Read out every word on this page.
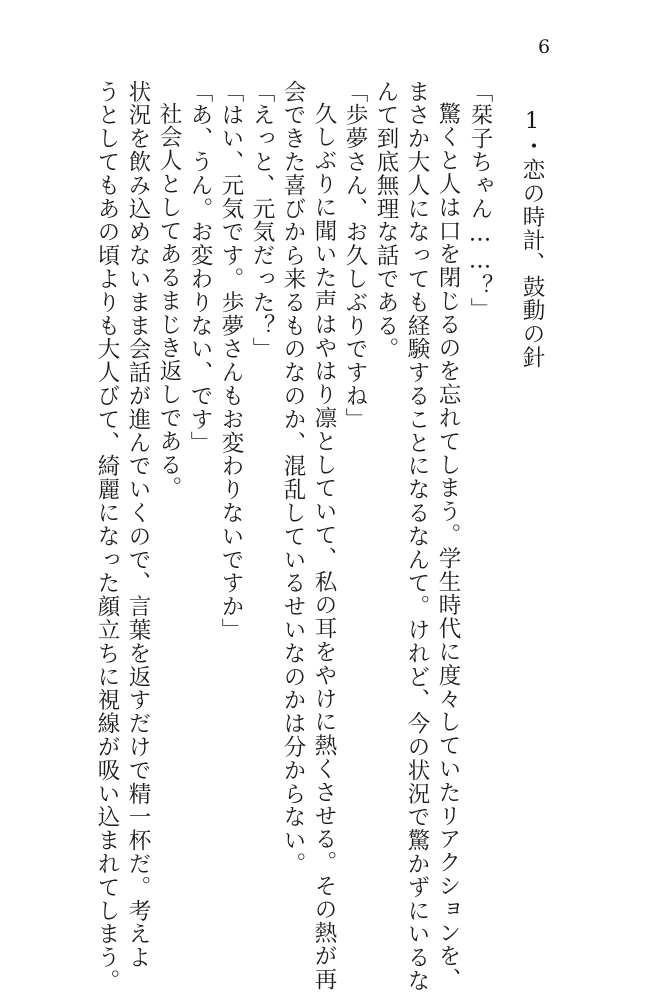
6
1・恋の時計、鼓動の針
「栞子ちゃん……？」
驚くと人は口を閉じるのを忘れてしまう。学生時代に度々していたリアクションを、
まさか大人になっても経験することになるなんて。けれど、今の状況で驚かずにいるな
んて到底無理な話である。
「歩夢さん、お久しぶりですね」
久しぶりに聞いた声はやはり凛としていて、私の耳をやけに熱くさせる。その熱が再
会できた喜びから来るものなのか、混乱しているせいなのかは分からない。
「えっと、元気だった？」
「はい、元気です。歩夢さんもお変わりないですか」
「あ、うん。お変わりない、です」
社会人としてあるまじき返しである。
状況を飲み込めないまま会話が進んでいくので、言葉を返すだけで精一杯だ。考えよ
うとしてもあの頃よりも大人びて、綺麗になった顔立ちに視線が吸い込まれてしまう。
